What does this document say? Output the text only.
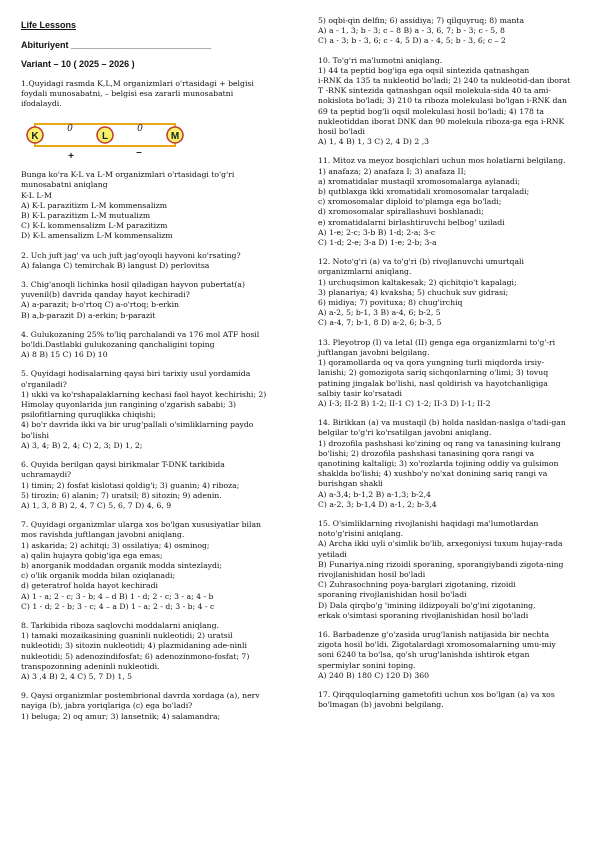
Life Lessons
Abituriyent ____________________________
Variant – 10 ( 2025 – 2026 )
1.Quyidagi rasmda K,L,M organizmlari o'rtasidagi + belgisi
foydali munosabatni, – belgisi esa zararli munosabatni
ifodalaydi.
K	L	M
0	0
+	–
Bunga ko'ra K-L va L-M organizmlari o'rtasidagi to'g'ri
munosabatni aniqlang
K-L L-M
A) K-L parazitizm L-M kommensalizm
B) K-L parazitizm L-M mutualizm
C) K-L kommensalizm L-M parazitizm
D) K-L amensalizm L-M kommensalizm
2. Uch juft jag' va uch juft jag'oyoqli hayvoni ko'rsating?
A) falanga C) temirchak B) langust D) perlovitsa
3. Chig'anoqli lichinka hosil qiladigan hayvon pubertat(a)
yuvenil(b) davrida qanday hayot kechiradi?
A) a-parazit; b-o'rtoq C) a-o'rtoq; b-erkin
B) a,b-parazit D) a-erkin; b-parazit
4. Gulukozaning 25% to'liq parchalandi va 176 mol ATF hosil
bo'ldi.Dastlabki gulukozaning qanchaligini toping
A) 8 B) 15 C) 16 D) 10
5. Quyidagi hodisalarning qaysi biri tarixiy usul yordamida
o'rganiladi?
1) ukki va ko'rshapalaklarning kechasi faol hayot kechirishi; 2)
Himolay quyonlarida jun rangining o'zgarish sababi; 3)
psilofitlarning quruqlikka chiqishi;
4) bo'r davrida ikki va bir urug'pallali o'simliklarning paydo
bo'lishi
A) 3, 4; B) 2, 4; C) 2, 3; D) 1, 2;
6. Quyida berilgan qaysi birikmalar T-DNK tarkibida
uchramaydi?
1) timin; 2) fosfat kislotasi qoldig'i; 3) guanin; 4) riboza;
5) tirozin; 6) alanin; 7) uratsil; 8) sitozin; 9) adenin.
A) 1, 3, 8 B) 2, 4, 7 C) 5, 6, 7 D) 4, 6, 9
7. Quyidagi organizmlar ularga xos bo'lgan xususiyatlar bilan
mos ravishda juftlangan javobni aniqlang.
1) askarida; 2) achitqi; 3) ossilatiya; 4) osminog;
a) qalin hujayra qobig'iga ega emas;
b) anorganik moddadan organik modda sintezlaydi;
c) o'lik organik modda bilan oziqlanadi;
d) geteratrof holda hayot kechiradi
A) 1 - a; 2 - c; 3 - b; 4 – d B) 1 - d; 2 - c; 3 - a; 4 - b
C) 1 - d; 2 - b; 3 - c; 4 – a D) 1 - a; 2 - d; 3 - b; 4 - c
8. Tarkibida riboza saqlovchi moddalarni aniqlang.
1) tamaki mozaikasining guaninli nukleotidi; 2) uratsil
nukleotidi; 3) sitozin nukleotidi; 4) plazmidaning ade-ninli
nukleotidi; 5) adenozindifosfat; 6) adenozinmono-fosfat; 7)
transpozonning adeninli nukleotidi.
A) 3 ,4 B) 2, 4 C) 5, 7 D) 1, 5
9. Qaysi organizmlar postembrional davrda xordaga (a), nerv
nayiga (b), jabra yoriqlariga (c) ega bo'ladi?
1) beluga; 2) oq amur; 3) lansetnik; 4) salamandra;
5) oqbi-qin delfin; 6) assidiya; 7) qilquyruq; 8) manta
A) a - 1, 3; b - 3; c – 8 B) a - 3, 6, 7; b - 3; c - 5, 8
C) a - 3; b - 3, 6; c - 4, 5 D) a - 4, 5; b - 3, 6; c – 2
10. To'g'ri ma'lumotni aniqlang.
1) 44 ta peptid bog'iga ega oqsil sintezida qatnashgan
i-RNK da 135 ta nukleotid bo'ladi; 2) 240 ta nukleotid-dan iborat
T -RNK sintezida qatnashgan oqsil molekula-sida 40 ta ami-
nokislota bo'ladi; 3) 210 ta riboza molekulasi bo'lgan i-RNK dan
69 ta peptid bog'li oqsil molekulasi hosil bo'ladi; 4) 178 ta
nukleotiddan iborat DNK dan 90 molekula riboza-ga ega i-RNK
hosil bo'ladi
A) 1, 4 B) 1, 3 C) 2, 4 D) 2 ,3
11. Mitoz va meyoz bosqichlari uchun mos holatlarni belgilang.
1) anafaza; 2) anafaza I; 3) anafaza II;
a) xromatidalar mustaqil xromosomalarga aylanadi;
b) qutblaxga ikki xromatidali xromosomalar tarqaladi;
c) xromosomalar diploid to'plamga ega bo'ladi;
d) xromosomalar spirallashuvi boshlanadi;
e) xromatidalarni birlashtiruvchi belbog' uziladi
A) 1-e; 2-c; 3-b B) 1-d; 2-a; 3-c
C) 1-d; 2-e; 3-a D) 1-e; 2-b; 3-a
12. Noto'g'ri (a) va to'g'ri (b) rivojlanuvchi umurtqali
organizmlarni aniqlang.
1) urchuqsimon kaltakesak; 2) qichitqio't kapalagi;
3) planariya; 4) kvaksha; 5) chuchuk suv gidrasi;
6) midiya; 7) povituxa; 8) chug'irchiq
A) a-2, 5; b-1, 3 B) a-4, 6; b-2, 5
C) a-4, 7; b-1, 8 D) a-2, 6; b-3, 5
13. Pleyotrop (I) va letal (II) genga ega organizmlarni to'g'-ri
juftlangan javobni belgilang.
1) qoramollarda oq va qora yungning turli miqdorda irsiy-
lanishi; 2) gomozigota sariq sichqonlarning o'limi; 3) tovuq
patining jingalak bo'lishi, nasl qoldirish va hayotchanligiga
salbiy tasir ko'rsatadi
A) I-3; II-2 B) 1-2; II-1 C) 1-2; II-3 D) I-1; II-2
14. Birikkan (a) va mustaqil (b) holda nasldan-naslga o'tadi-gan
belgilar to'g'ri ko'rsatilgan javobni aniqlang.
1) drozofila pashshasi ko'zining oq rang va tanasining kulrang
bo'lishi; 2) drozofila pashshasi tanasining qora rangi va
qanotining kaltaligi; 3) xo'rozlarda tojining oddiy va gulsimon
shaklda bo'lishi; 4) xushbo'y no'xat donining sariq rangi va
burishgan shakli
A) a-3,4; b-1,2 B) a-1,3; b-2,4
C) a-2, 3; b-1,4 D) a-1, 2; b-3,4
15. O'simliklarning rivojlanishi haqidagi ma'lumotlardan
noto'g'risini aniqlang.
A) Archa ikki uyli o'simlik bo'lib, arxegoniysi tuxum hujay-rada
yetiladi
B) Funariya.ning rizoidi sporaning, sporangiybandi zigota-ning
rivojlanishidan hosil bo'ladi
C) Zuhrasochning poya-barglari zigotaning, rizoidi
sporaning rivojlanishidan hosil bo'ladi
D) Dala qirqbo'g 'imining ildizpoyali bo'g'ini zigotaning,
erkak o'simtasi sporaning rivojlanishidan hosil bo'ladi
16. Barbadenze g'o'zasida urug'lanish natijasida bir nechta
zigota hosil bo'ldi. Zigotalardagi xromosomalarning umu-miy
soni 6240 ta bo'lsa, qo'sh urug'lanishda ishtirok etgan
spermiylar sonini toping.
A) 240 B) 180 C) 120 D) 360
17. Qirqquloqlarning gametofiti uchun xos bo'lgan (a) va xos
bo'lmagan (b) javobni belgilang.
